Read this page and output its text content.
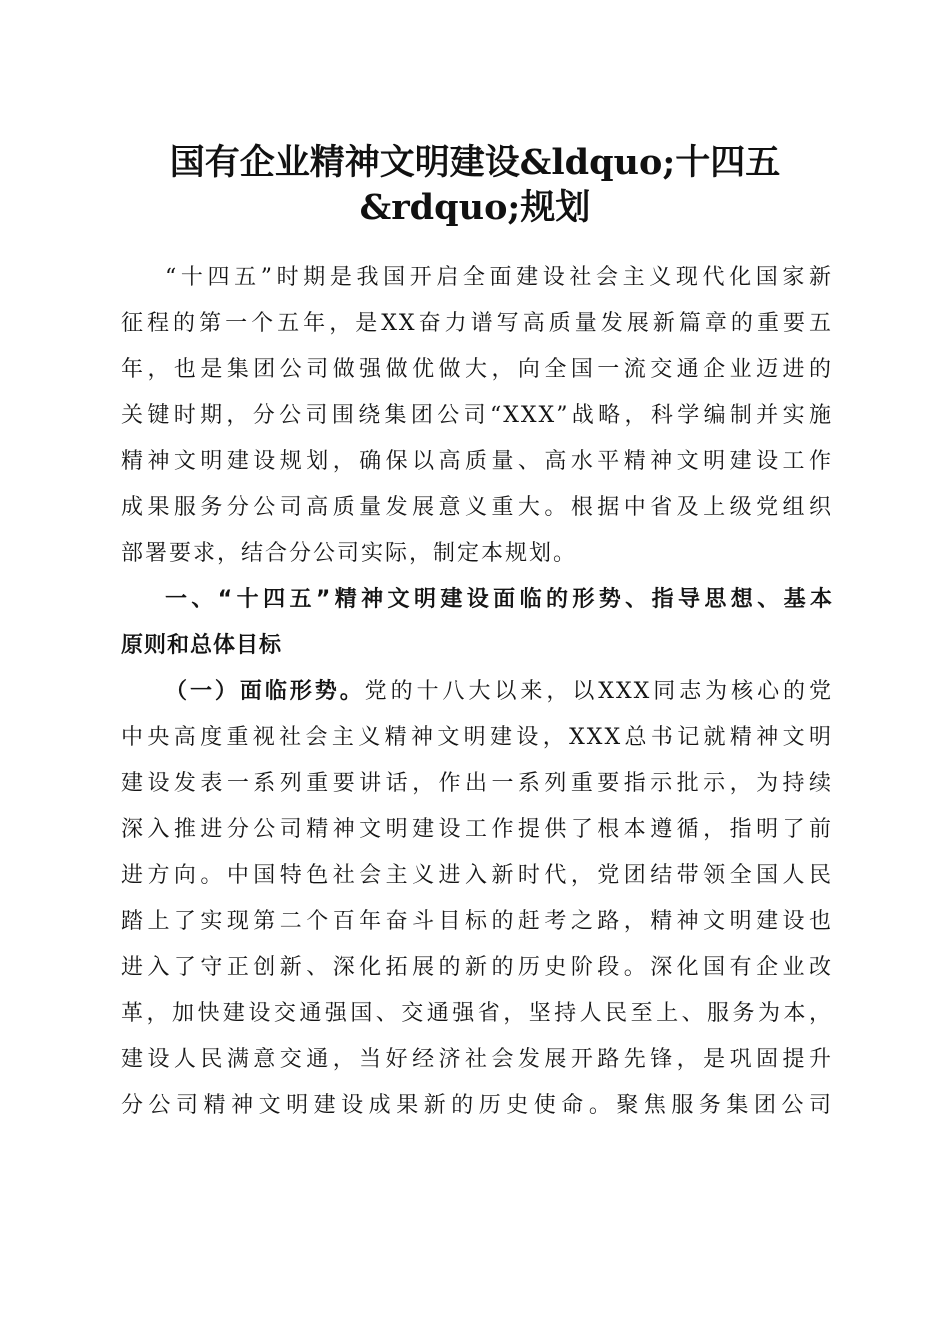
国有企业精神文明建设&ldquo;十四五
&rdquo;规划
“十四五”时期是我国开启全面建设社会主义现代化国家新
征程的第一个五年，是XX奋力谱写高质量发展新篇章的重要五
年，也是集团公司做强做优做大，向全国一流交通企业迈进的
关键时期，分公司围绕集团公司“XXX”战略，科学编制并实施
精神文明建设规划，确保以高质量、高水平精神文明建设工作
成果服务分公司高质量发展意义重大。根据中省及上级党组织
部署要求，结合分公司实际，制定本规划。
一、“十四五”精神文明建设面临的形势、指导思想、基本
原则和总体目标
（一）面临形势。党的十八大以来，以XXX同志为核心的党
中央高度重视社会主义精神文明建设，XXX总书记就精神文明
建设发表一系列重要讲话，作出一系列重要指示批示，为持续
深入推进分公司精神文明建设工作提供了根本遵循，指明了前
进方向。中国特色社会主义进入新时代，党团结带领全国人民
踏上了实现第二个百年奋斗目标的赶考之路，精神文明建设也
进入了守正创新、深化拓展的新的历史阶段。深化国有企业改
革，加快建设交通强国、交通强省，坚持人民至上、服务为本，
建设人民满意交通，当好经济社会发展开路先锋，是巩固提升
分公司精神文明建设成果新的历史使命。聚焦服务集团公司
